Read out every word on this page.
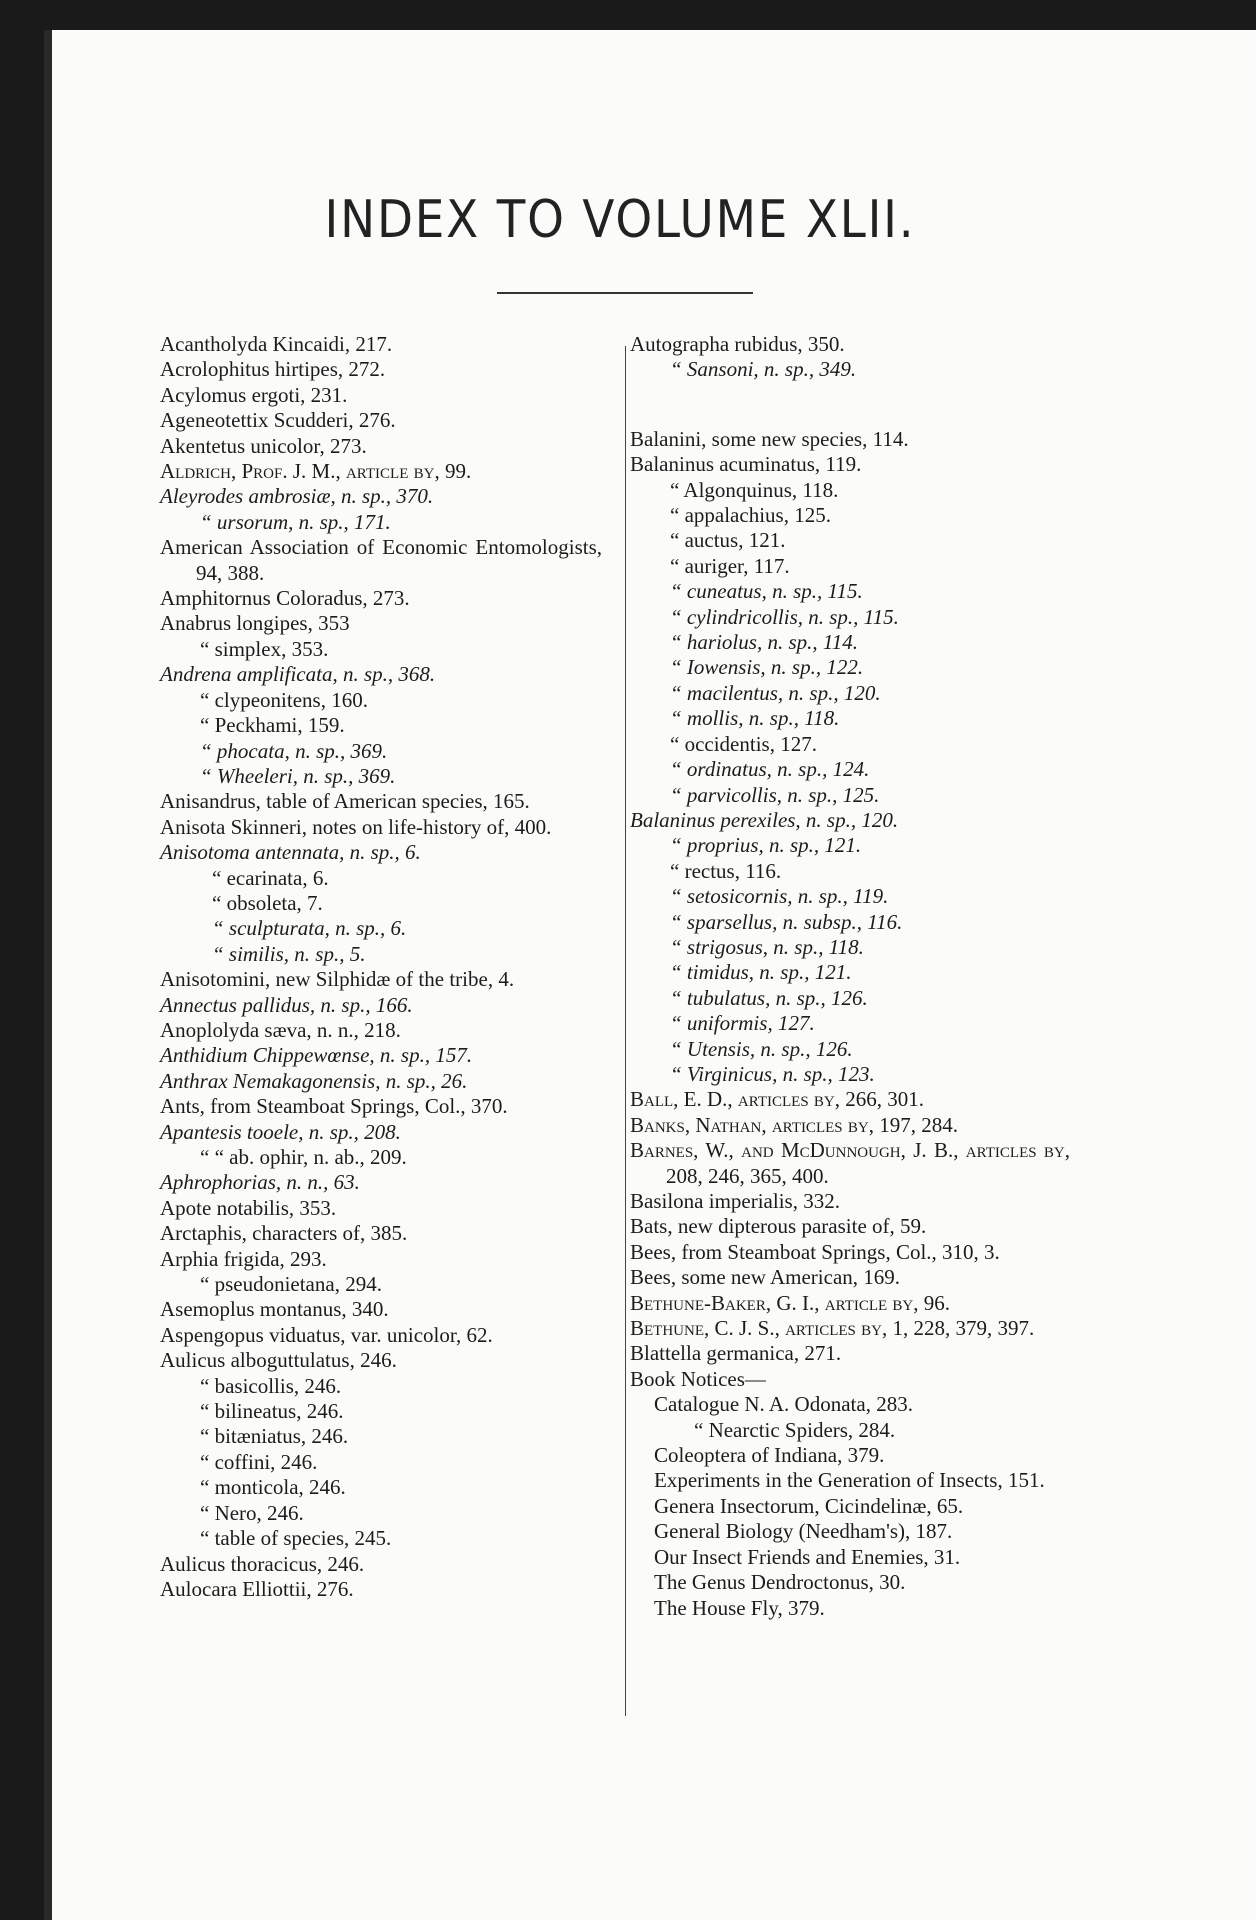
INDEX TO VOLUME XLII.
Acantholyda Kincaidi, 217.
Acrolophitus hirtipes, 272.
Acylomus ergoti, 231.
Ageneotettix Scudderi, 276.
Akentetus unicolor, 273.
Aldrich, Prof. J. M., article by, 99.
Aleyrodes ambrosiæ, n. sp., 370.
“ ursorum, n. sp., 171.
American Association of Economic Entomologists, 94, 388.
Amphitornus Coloradus, 273.
Anabrus longipes, 353
“ simplex, 353.
Andrena amplificata, n. sp., 368.
“ clypeonitens, 160.
“ Peckhami, 159.
“ phocata, n. sp., 369.
“ Wheeleri, n. sp., 369.
Anisandrus, table of American species, 165.
Anisota Skinneri, notes on life-history of, 400.
Anisotoma antennata, n. sp., 6.
“ ecarinata, 6.
“ obsoleta, 7.
“ sculpturata, n. sp., 6.
“ similis, n. sp., 5.
Anisotomini, new Silphidæ of the tribe, 4.
Annectus pallidus, n. sp., 166.
Anoplolyda sæva, n. n., 218.
Anthidium Chippewœnse, n. sp., 157.
Anthrax Nemakagonensis, n. sp., 26.
Ants, from Steamboat Springs, Col., 370.
Apantesis tooele, n. sp., 208.
“ “ ab. ophir, n. ab., 209.
Aphrophorias, n. n., 63.
Apote notabilis, 353.
Arctaphis, characters of, 385.
Arphia frigida, 293.
“ pseudonietana, 294.
Asemoplus montanus, 340.
Aspengopus viduatus, var. unicolor, 62.
Aulicus alboguttulatus, 246.
“ basicollis, 246.
“ bilineatus, 246.
“ bitæniatus, 246.
“ coffini, 246.
“ monticola, 246.
“ Nero, 246.
“ table of species, 245.
Aulicus thoracicus, 246.
Aulocara Elliottii, 276.
Autographa rubidus, 350.
“ Sansoni, n. sp., 349.
Balanini, some new species, 114.
Balaninus acuminatus, 119.
“ Algonquinus, 118.
“ appalachius, 125.
“ auctus, 121.
“ auriger, 117.
“ cuneatus, n. sp., 115.
“ cylindricollis, n. sp., 115.
“ hariolus, n. sp., 114.
“ Iowensis, n. sp., 122.
“ macilentus, n. sp., 120.
“ mollis, n. sp., 118.
“ occidentis, 127.
“ ordinatus, n. sp., 124.
“ parvicollis, n. sp., 125.
Balaninus perexiles, n. sp., 120.
“ proprius, n. sp., 121.
“ rectus, 116.
“ setosicornis, n. sp., 119.
“ sparsellus, n. subsp., 116.
“ strigosus, n. sp., 118.
“ timidus, n. sp., 121.
“ tubulatus, n. sp., 126.
“ uniformis, 127.
“ Utensis, n. sp., 126.
“ Virginicus, n. sp., 123.
Ball, E. D., articles by, 266, 301.
Banks, Nathan, articles by, 197, 284.
Barnes, W., and McDunnough, J. B., articles by, 208, 246, 365, 400.
Basilona imperialis, 332.
Bats, new dipterous parasite of, 59.
Bees, from Steamboat Springs, Col., 310, 3.
Bees, some new American, 169.
Bethune-Baker, G. I., article by, 96.
Bethune, C. J. S., articles by, 1, 228, 379, 397.
Blattella germanica, 271.
Book Notices—
Catalogue N. A. Odonata, 283.
“ Nearctic Spiders, 284.
Coleoptera of Indiana, 379.
Experiments in the Generation of Insects, 151.
Genera Insectorum, Cicindelinæ, 65.
General Biology (Needham's), 187.
Our Insect Friends and Enemies, 31.
The Genus Dendroctonus, 30.
The House Fly, 379.
